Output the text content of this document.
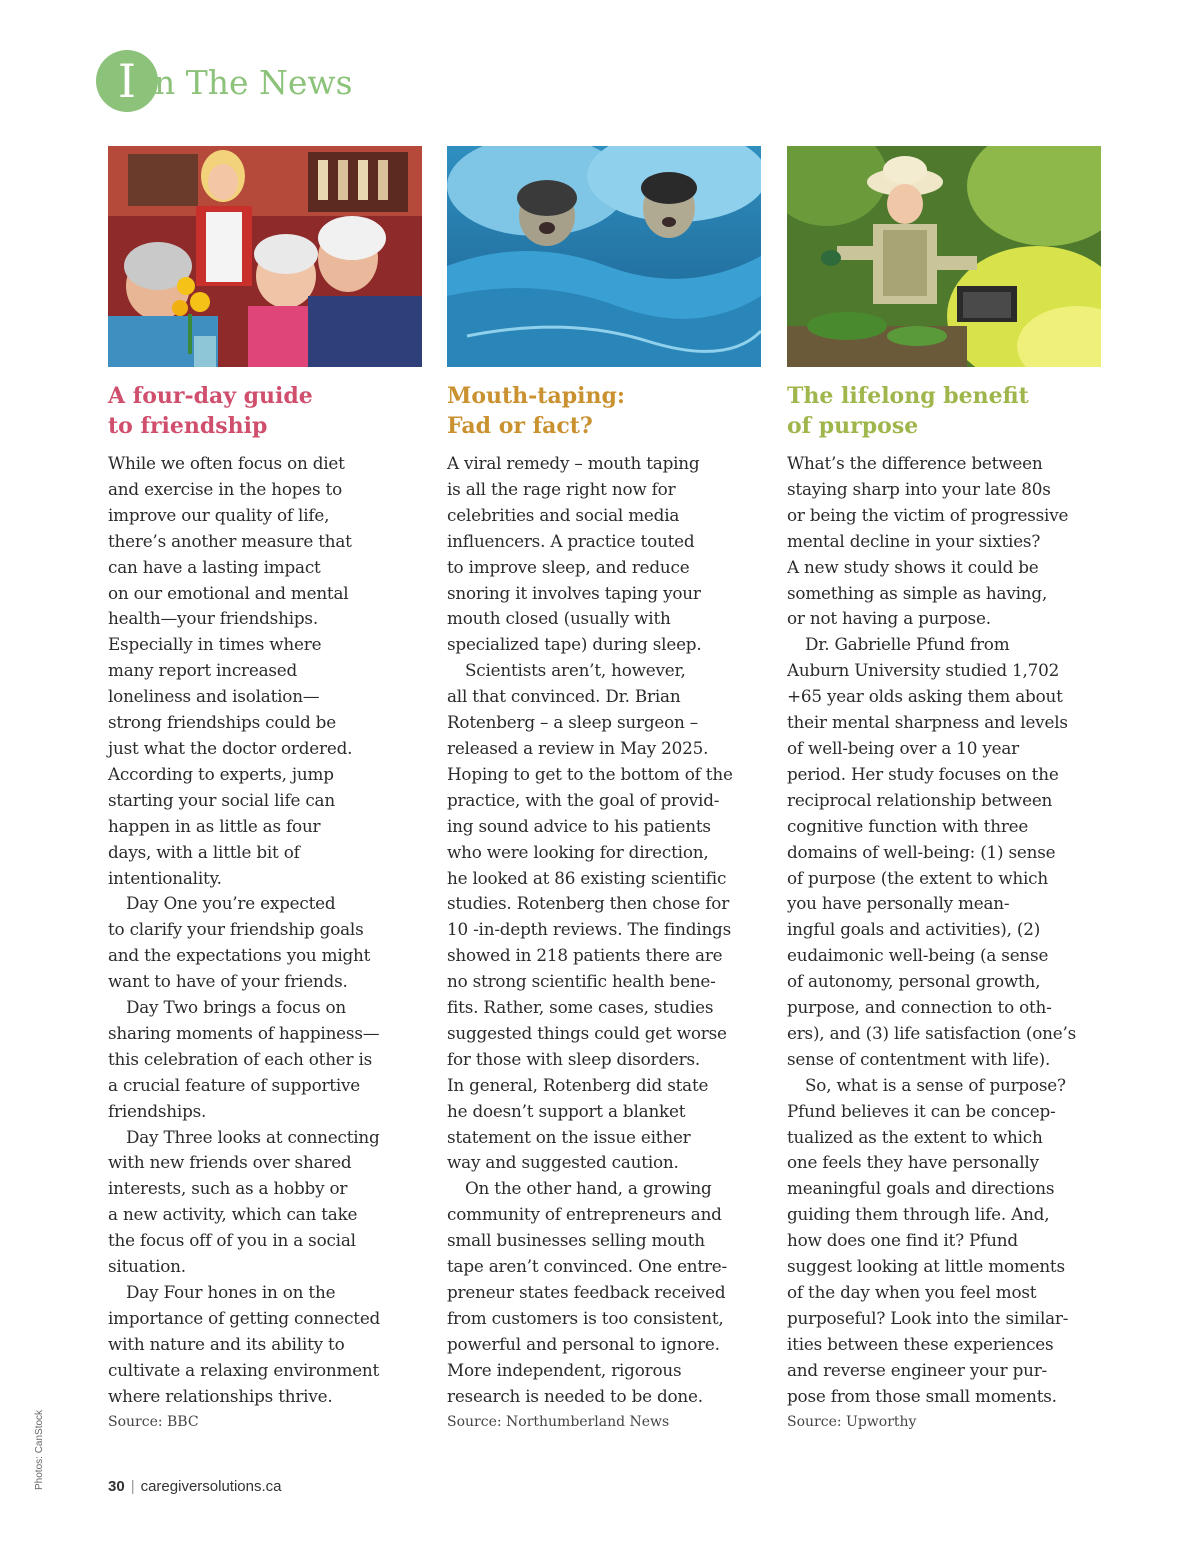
I n The News
A four-day guide
to friendship
While we often focus on diet
and exercise in the hopes to
improve our quality of life,
there’s another measure that
can have a lasting impact
on our emotional and mental
health—your friendships.
Especially in times where
many report increased
loneliness and isolation—
strong friendships could be
just what the doctor ordered.
According to experts, jump
starting your social life can
happen in as little as four
days, with a little bit of
intentionality.
Day One you’re expected
to clarify your friendship goals
and the expectations you might
want to have of your friends.
Day Two brings a focus on
sharing moments of happiness—
this celebration of each other is
a crucial feature of supportive
friendships.
Day Three looks at connecting
with new friends over shared
interests, such as a hobby or
a new activity, which can take
the focus off of you in a social
situation.
Day Four hones in on the
importance of getting connected
with nature and its ability to
cultivate a relaxing environment
where relationships thrive.
Source: BBC
Mouth-taping:
Fad or fact?
A viral remedy – mouth taping
is all the rage right now for
celebrities and social media
influencers. A practice touted
to improve sleep, and reduce
snoring it involves taping your
mouth closed (usually with
specialized tape) during sleep.
Scientists aren’t, however,
all that convinced. Dr. Brian
Rotenberg – a sleep surgeon –
released a review in May 2025.
Hoping to get to the bottom of the
practice, with the goal of provid-
ing sound advice to his patients
who were looking for direction,
he looked at 86 existing scientific
studies. Rotenberg then chose for
10 -in-depth reviews. The findings
showed in 218 patients there are
no strong scientific health bene-
fits. Rather, some cases, studies
suggested things could get worse
for those with sleep disorders.
In general, Rotenberg did state
he doesn’t support a blanket
statement on the issue either
way and suggested caution.
On the other hand, a growing
community of entrepreneurs and
small businesses selling mouth
tape aren’t convinced. One entre-
preneur states feedback received
from customers is too consistent,
powerful and personal to ignore.
More independent, rigorous
research is needed to be done.
Source: Northumberland News
The lifelong benefit
of purpose
What’s the difference between
staying sharp into your late 80s
or being the victim of progressive
mental decline in your sixties?
A new study shows it could be
something as simple as having,
or not having a purpose.
Dr. Gabrielle Pfund from
Auburn University studied 1,702
+65 year olds asking them about
their mental sharpness and levels
of well-being over a 10 year
period. Her study focuses on the
reciprocal relationship between
cognitive function with three
domains of well-being: (1) sense
of purpose (the extent to which
you have personally mean-
ingful goals and activities), (2)
eudaimonic well-being (a sense
of autonomy, personal growth,
purpose, and connection to oth-
ers), and (3) life satisfaction (one’s
sense of contentment with life).
So, what is a sense of purpose?
Pfund believes it can be concep-
tualized as the extent to which
one feels they have personally
meaningful goals and directions
guiding them through life. And,
how does one find it? Pfund
suggest looking at little moments
of the day when you feel most
purposeful? Look into the similar-
ities between these experiences
and reverse engineer your pur-
pose from those small moments.
Source: Upworthy
Photos: CanStock	30 | caregiversolutions.ca
